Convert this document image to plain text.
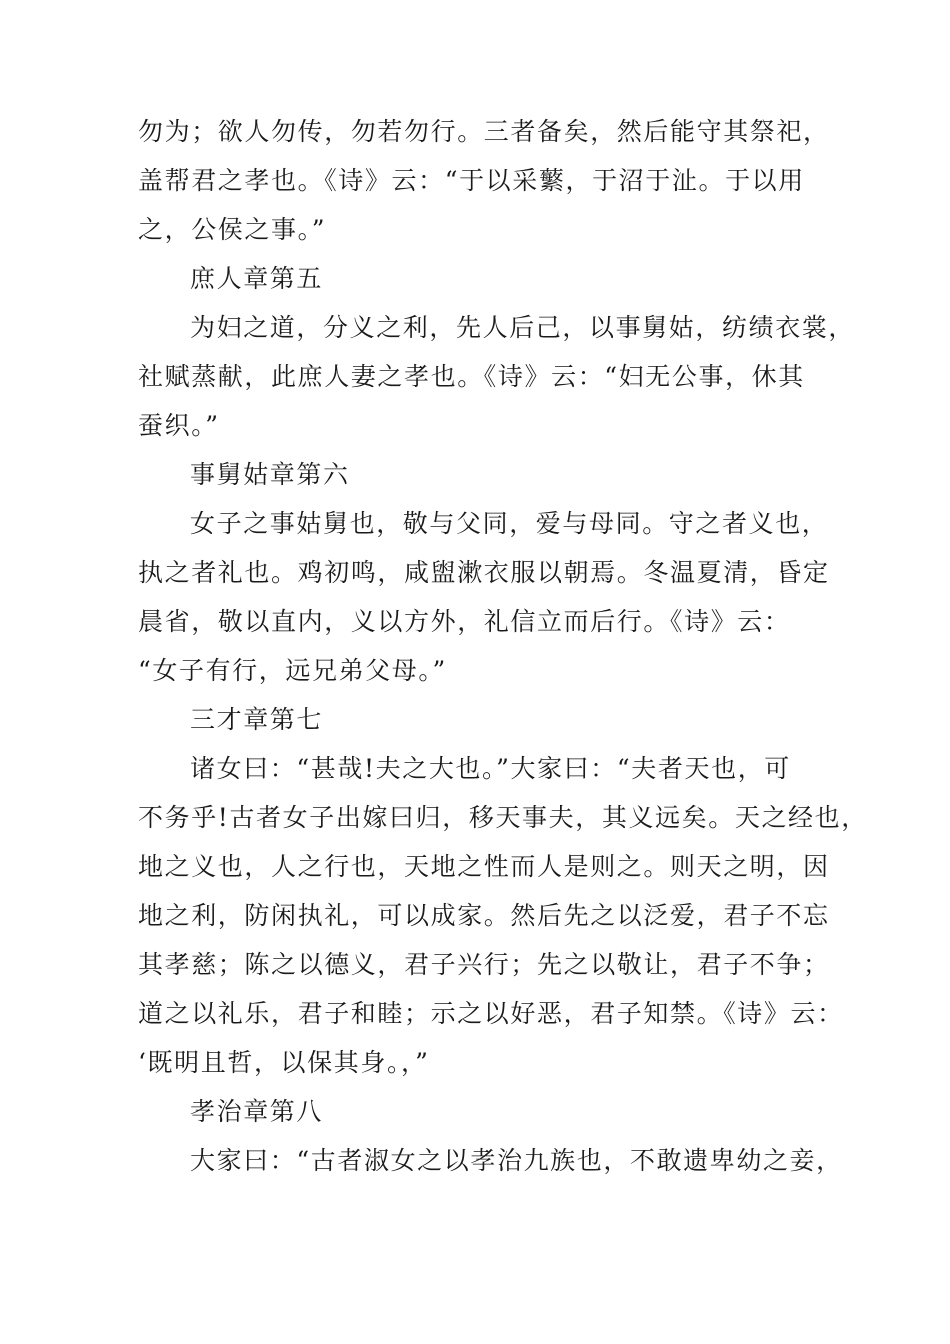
勿为；欲人勿传，勿若勿行。三者备矣，然后能守其祭祀，
盖帮君之孝也。《诗》云：“于以采蘩，于沼于沚。于以用
之，公侯之事。”
庶人章第五
为妇之道，分义之利，先人后己，以事舅姑，纺绩衣裳，
社赋蒸献，此庶人妻之孝也。《诗》云：“妇无公事，休其
蚕织。”
事舅姑章第六
女子之事姑舅也，敬与父同，爱与母同。守之者义也，
执之者礼也。鸡初鸣，咸盥漱衣服以朝焉。冬温夏清，昏定
晨省，敬以直内，义以方外，礼信立而后行。《诗》云：
“女子有行，远兄弟父母。”
三才章第七
诸女曰：“甚哉!夫之大也。”大家曰：“夫者天也，可
不务乎!古者女子出嫁曰归，移天事夫，其义远矣。天之经也，
地之义也，人之行也，天地之性而人是则之。则天之明，因
地之利，防闲执礼，可以成家。然后先之以泛爱，君子不忘
其孝慈；陈之以德义，君子兴行；先之以敬让，君子不争；
道之以礼乐，君子和睦；示之以好恶，君子知禁。《诗》云：
‘既明且哲，以保其身。，”
孝治章第八
大家曰：“古者淑女之以孝治九族也，不敢遗卑幼之妾，
